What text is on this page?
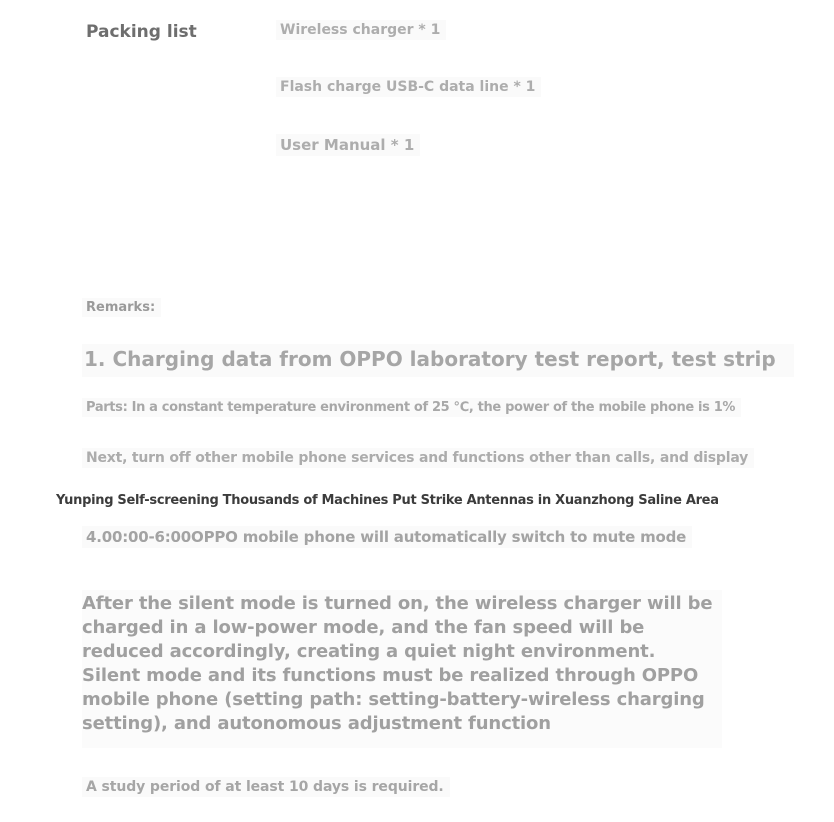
Packing list	Wireless charger * 1
Flash charge USB-C data line * 1
User Manual * 1
Remarks:
1. Charging data from OPPO laboratory test report, test strip
Parts: In a constant temperature environment of 25 ℃, the power of the mobile phone is 1%
Next, turn off other mobile phone services and functions other than calls, and display
Yunping Self-screening Thousands of Machines Put Strike Antennas in Xuanzhong Saline Area
4.00:00-6:00OPPO mobile phone will automatically switch to mute mode
After the silent mode is turned on, the wireless charger will be
charged in a low-power mode, and the fan speed will be
reduced accordingly, creating a quiet night environment.
Silent mode and its functions must be realized through OPPO
mobile phone (setting path: setting-battery-wireless charging
setting), and autonomous adjustment function
A study period of at least 10 days is required.
